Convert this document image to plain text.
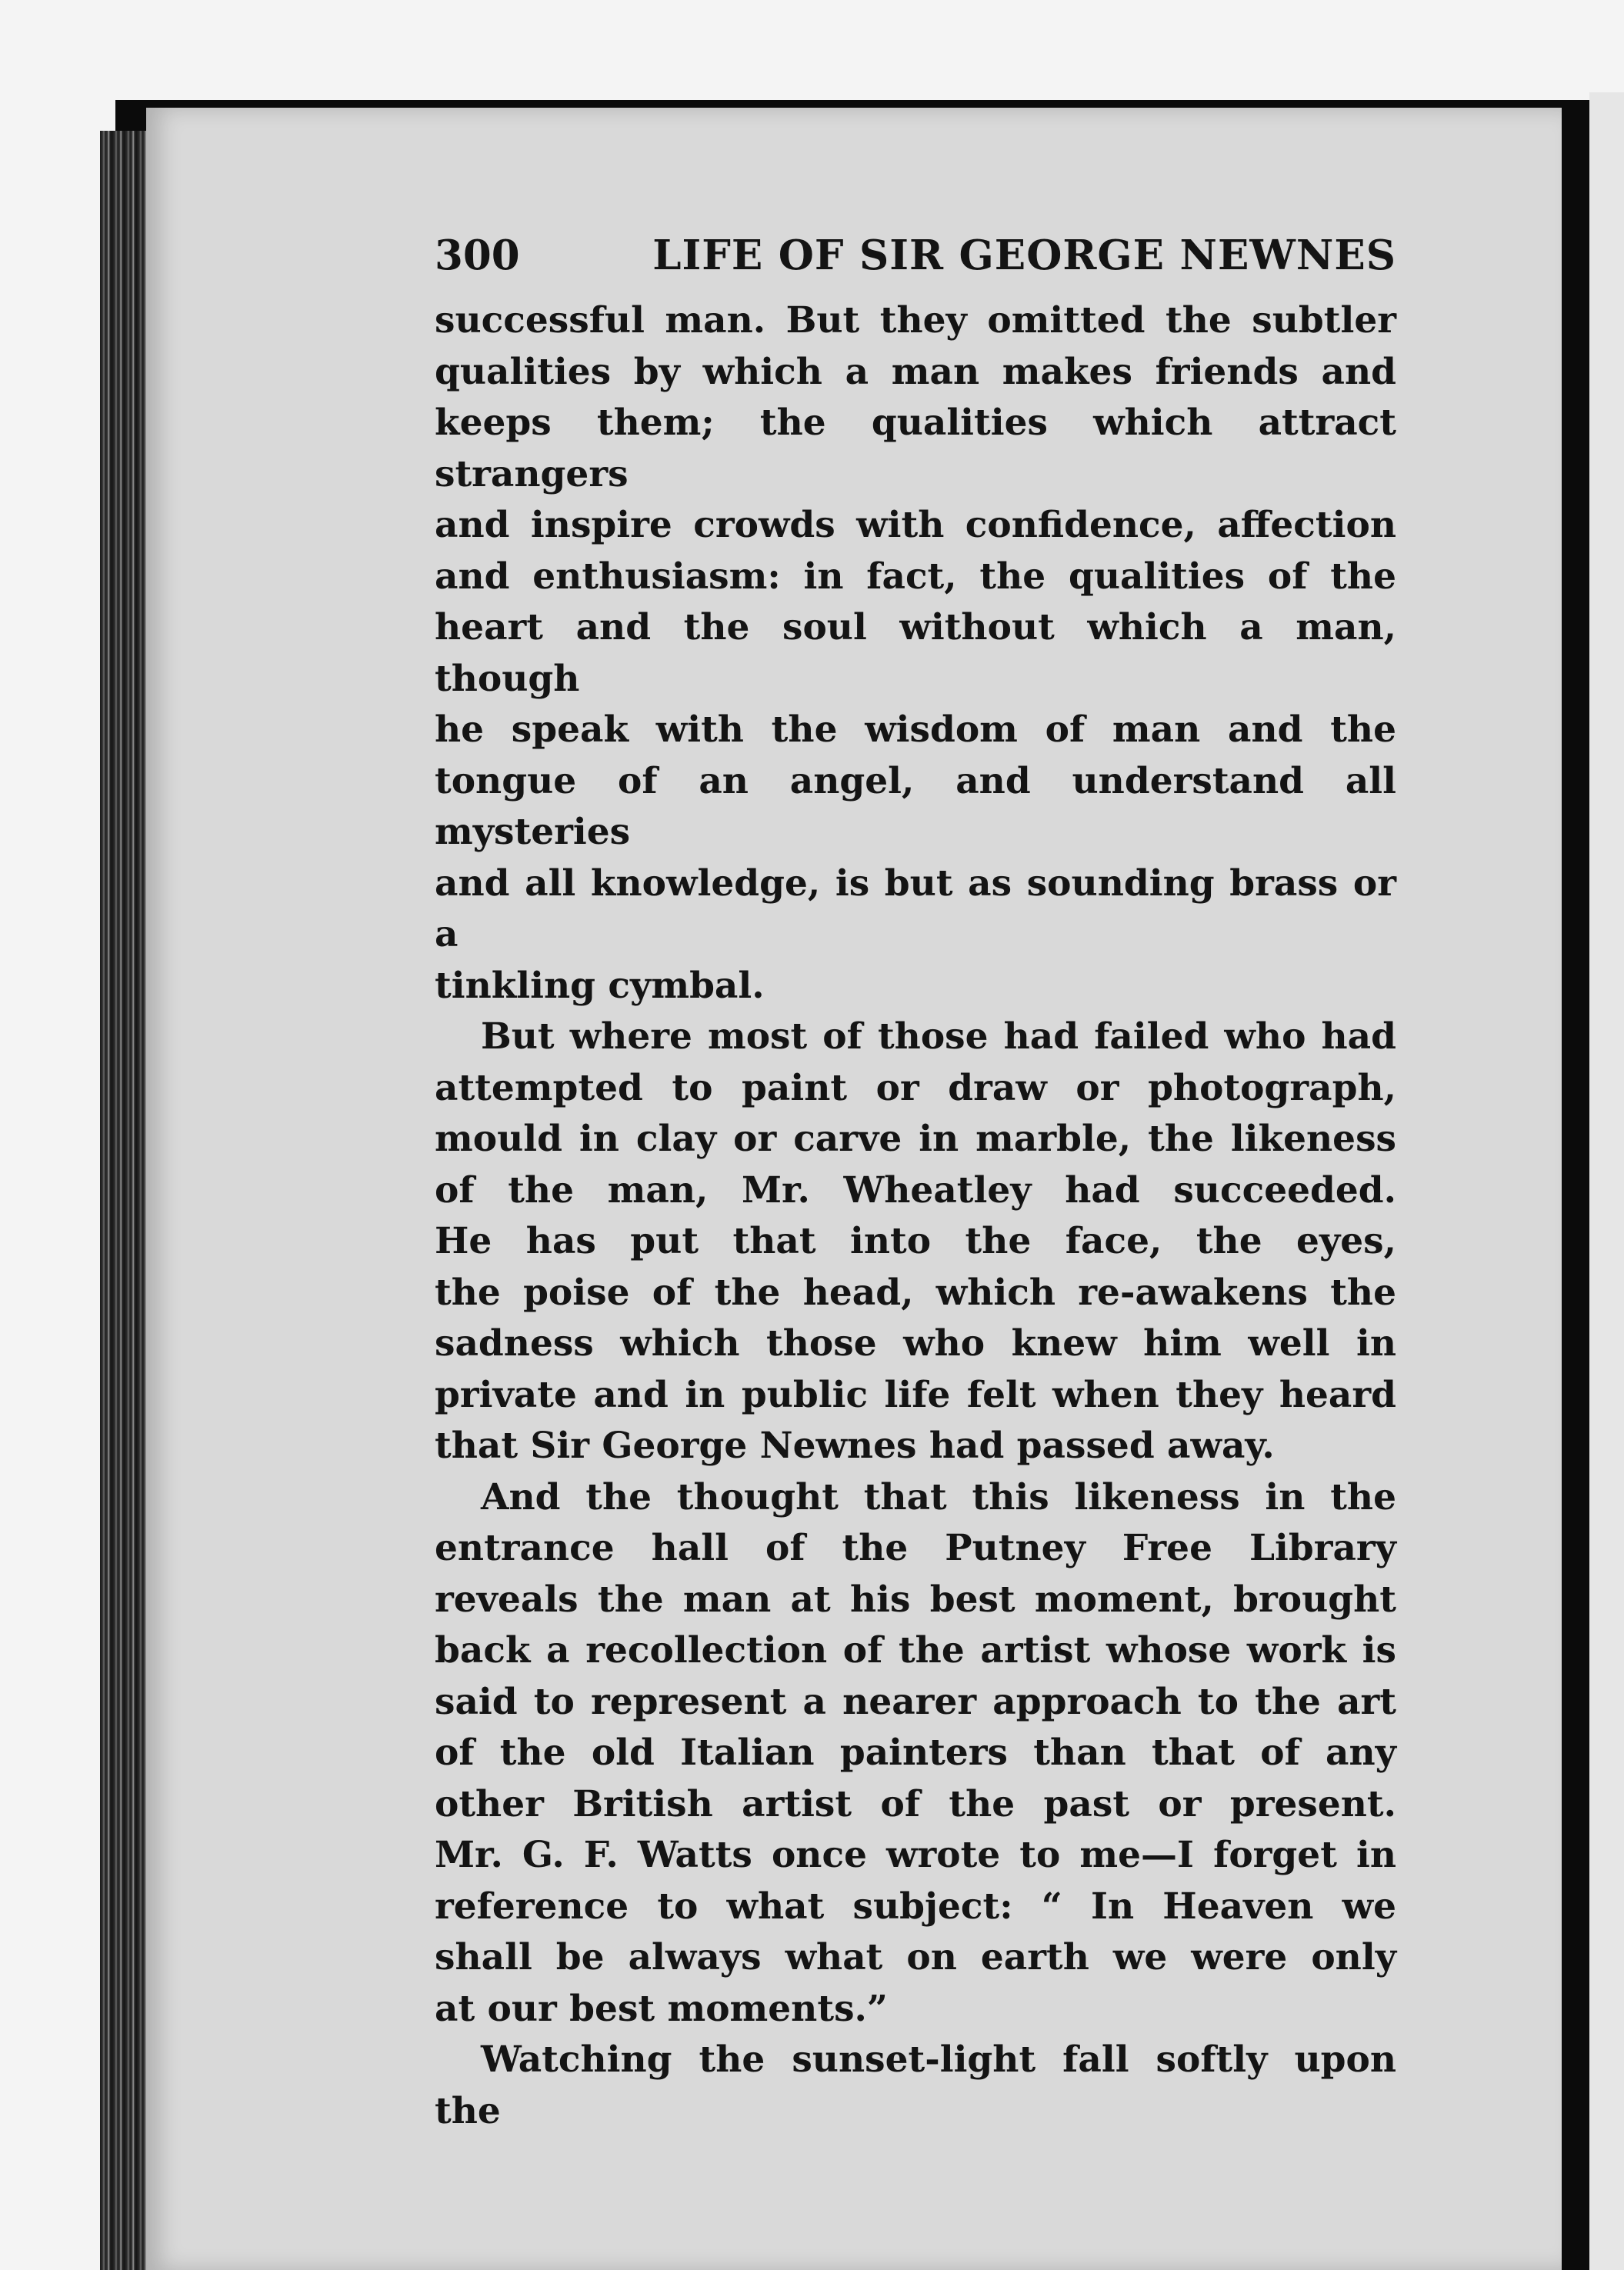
300	LIFE OF SIR GEORGE NEWNES

successful man. But they omitted the subtler

qualities by which a man makes friends and

keeps them; the qualities which attract strangers

and inspire crowds with confidence, affection

and enthusiasm: in fact, the qualities of the

heart and the soul without which a man, though

he speak with the wisdom of man and the

tongue of an angel, and understand all mysteries

and all knowledge, is but as sounding brass or a

tinkling cymbal.

But where most of those had failed who had

attempted to paint or draw or photograph,

mould in clay or carve in marble, the likeness

of the man, Mr. Wheatley had succeeded.

He has put that into the face, the eyes,

the poise of the head, which re-awakens the

sadness which those who knew him well in

private and in public life felt when they heard

that Sir George Newnes had passed away.

And the thought that this likeness in the

entrance hall of the Putney Free Library

reveals the man at his best moment, brought

back a recollection of the artist whose work is

said to represent a nearer approach to the art

of the old Italian painters than that of any

other British artist of the past or present.

Mr. G. F. Watts once wrote to me—I forget in

reference to what subject: “ In Heaven we

shall be always what on earth we were only

at our best moments.”

Watching the sunset-light fall softly upon the
